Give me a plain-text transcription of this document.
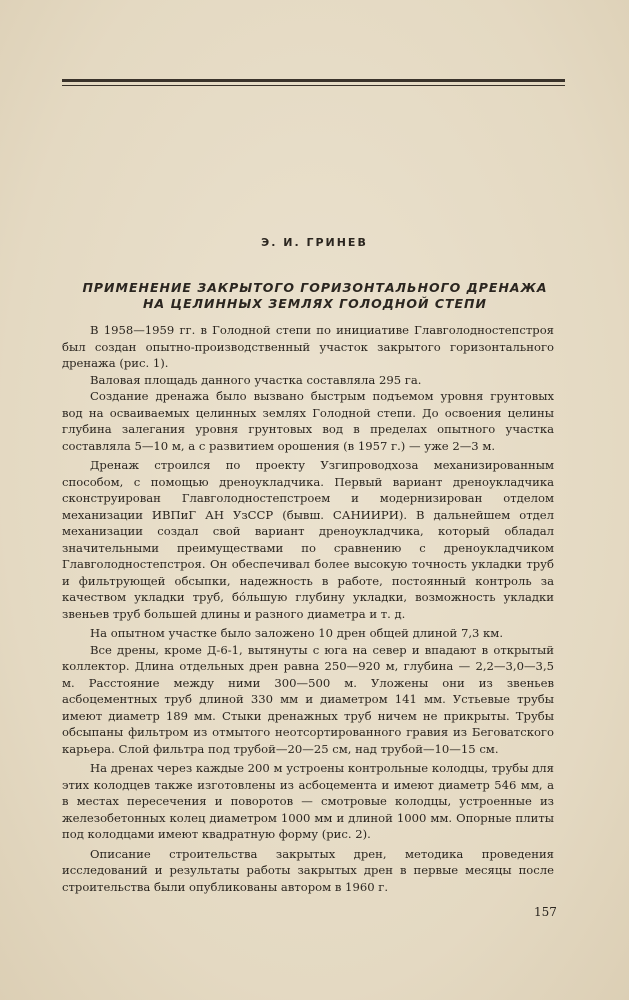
Э. И. ГРИНЕВ
ПРИМЕНЕНИЕ ЗАКРЫТОГО ГОРИЗОНТАЛЬНОГО ДРЕНАЖА
НА ЦЕЛИННЫХ ЗЕМЛЯХ ГОЛОДНОЙ СТЕПИ

В 1958—1959 гг. в Голодной степи по инициативе Главголодностепстроя был создан опытно-производственный участок закрытого горизонтального дренажа (рис. 1).

Валовая площадь данного участка составляла 295 га.

Создание дренажа было вызвано быстрым подъемом уровня грунтовых вод на осваиваемых целинных землях Голодной степи. До освоения целины глубина залегания уровня грунтовых вод в пределах опытного участка составляла 5—10 м, а с развитием орошения (в 1957 г.) — уже 2—3 м.

Дренаж строился по проекту Узгипроводхоза механизированным способом, с помощью дреноукладчика. Первый вариант дреноукладчика сконструирован Главголодностепстроем и модернизирован отделом механизации ИВПиГ АН УзССР (бывш. САНИИРИ). В дальнейшем отдел механизации создал свой вариант дреноукладчика, который обладал значительными преимуществами по сравнению с дреноукладчиком Главголодностепстроя. Он обеспечивал более высокую точность укладки труб и фильтрующей обсыпки, надежность в работе, постоянный контроль за качеством укладки труб, бо́льшую глубину укладки, возможность укладки звеньев труб большей длины и разного диаметра и т. д.

На опытном участке было заложено 10 дрен общей длиной 7,3 км.

Все дрены, кроме Д-6-1, вытянуты с юга на север и впадают в открытый коллектор. Длина отдельных дрен равна 250—920 м, глубина — 2,2—3,0—3,5 м. Расстояние между ними 300—500 м. Уложены они из звеньев асбоцементных труб длиной 330 мм и диаметром 141 мм. Устьевые трубы имеют диаметр 189 мм. Стыки дренажных труб ничем не прикрыты. Трубы обсыпаны фильтром из отмытого неотсортированного гравия из Беговатского карьера. Слой фильтра под трубой—20—25 см, над трубой—10—15 см.

На дренах через каждые 200 м устроены контрольные колодцы, трубы для этих колодцев также изготовлены из асбоцемента и имеют диаметр 546 мм, а в местах пересечения и поворотов — смотровые колодцы, устроенные из железобетонных колец диаметром 1000 мм и длиной 1000 мм. Опорные плиты под колодцами имеют квадратную форму (рис. 2).

Описание строительства закрытых дрен, методика проведения исследований и результаты работы закрытых дрен в первые месяцы после строительства были опубликованы автором в 1960 г.

157
